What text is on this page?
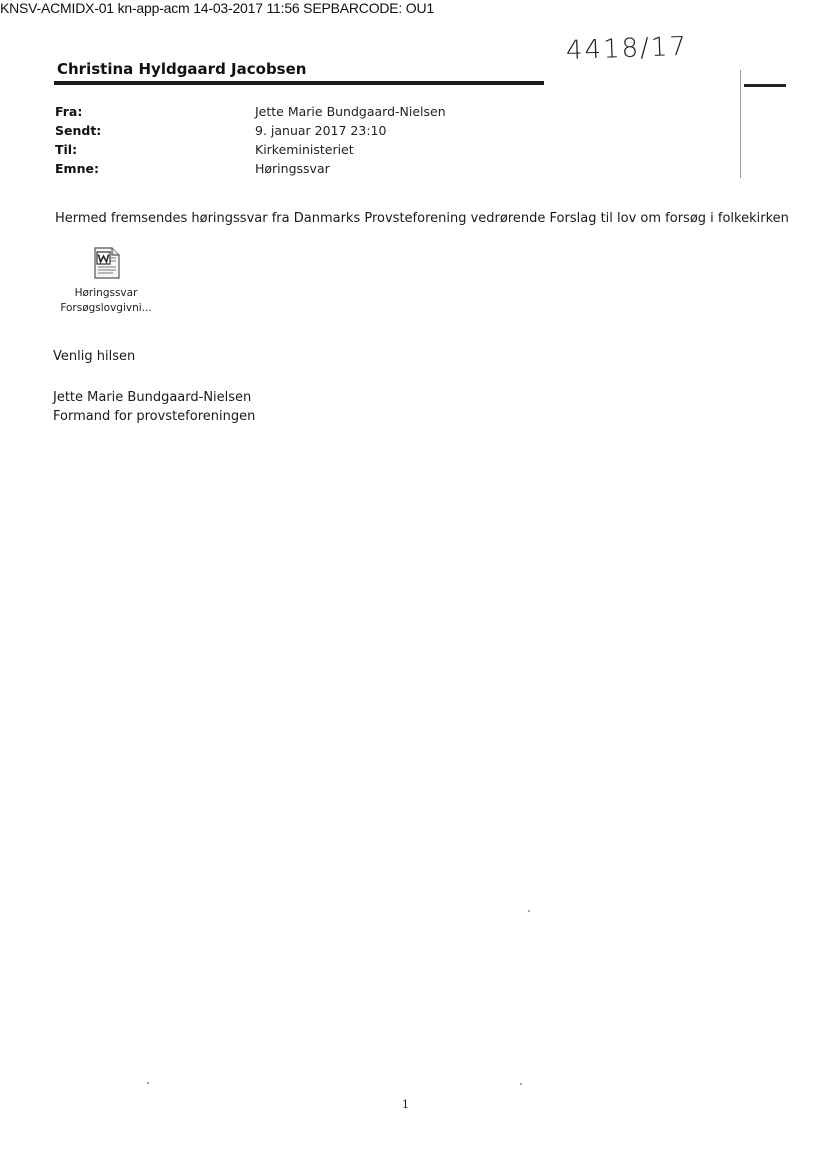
KNSV-ACMIDX-01 kn-app-acm 14-03-2017 11:56 SEPBARCODE: OU1
4418/17
Christina Hyldgaard Jacobsen
Fra:	Jette Marie Bundgaard-Nielsen
Sendt:	9. januar 2017 23:10
Til:	Kirkeministeriet
Emne:	Høringssvar
Hermed fremsendes høringssvar fra Danmarks Provsteforening vedrørende Forslag til lov om forsøg i folkekirken
Høringssvar
Forsøgslovgivni...
Venlig hilsen
Jette Marie Bundgaard-Nielsen
Formand for provsteforeningen
1
